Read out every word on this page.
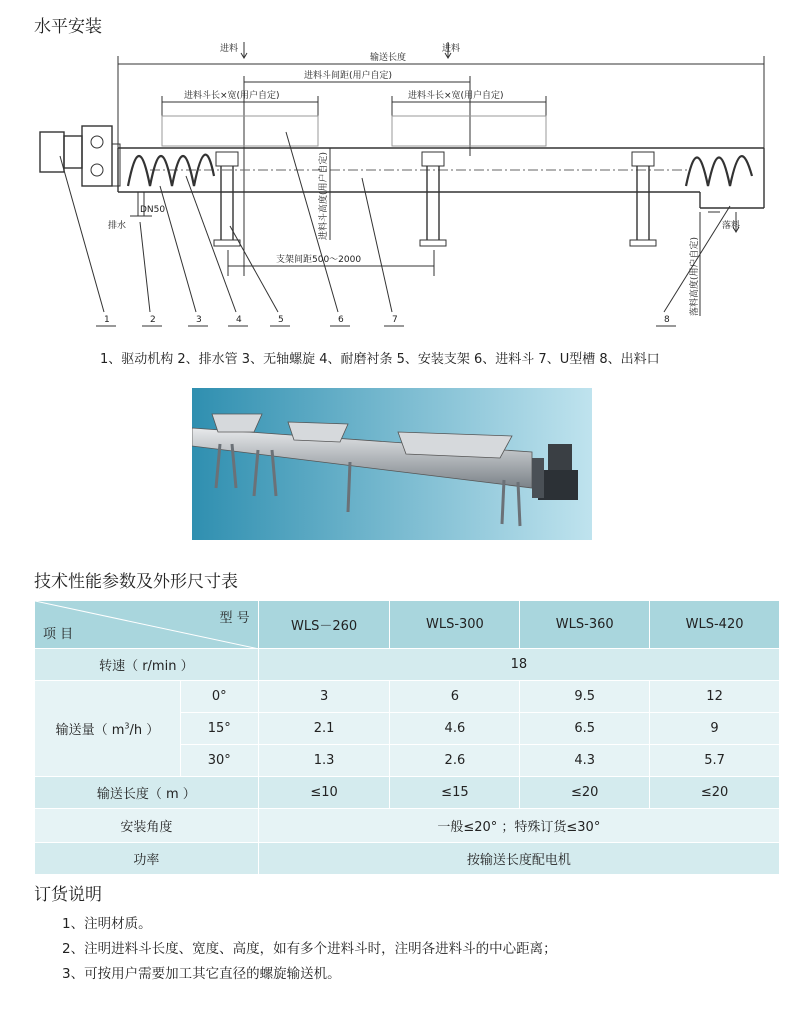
水平安装
进料	进料
输送长度
进料斗间距(用户自定)
进料斗长×宽(用户自定)	进料斗长×宽(用户自定)
进料斗高度(用户自定)
落料高度(用户自定)
落料
DN50
排水
支架间距500～2000
1	2	3	4	5	6	7	8
1、驱动机构 2、排水管 3、无轴螺旋 4、耐磨衬条 5、安装支架 6、进料斗 7、U型槽 8、出料口
技术性能参数及外形尺寸表
型 号
项 目		WLS－260	WLS-300	WLS-360	WLS-420
转速（ r/min ）		18			
输送量（ $m^3/h$ ）	0°	3	6	9.5	12
	15°	2.1	4.6	6.5	9
	30°	1.3	2.6	4.3	5.7
输送长度（ m ）		≤10	≤15	≤20	≤20
安装角度		一般≤20° ；特殊订货≤30°			
功率		按输送长度配电机			
订货说明
1、注明材质。
2、注明进料斗长度、宽度、高度，如有多个进料斗时，注明各进料斗的中心距离；
3、可按用户需要加工其它直径的螺旋输送机。
